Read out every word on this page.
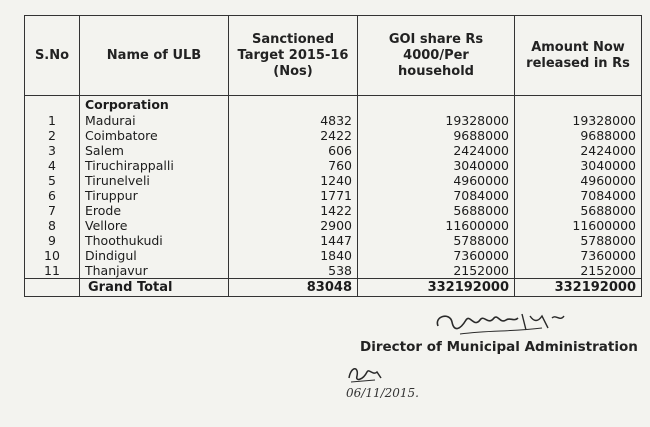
S.No	Name of ULB	Sanctioned Target 2015-16 (Nos)	GOI share Rs 4000/Per household	Amount Now released in Rs
	Corporation			
1	Madurai	4832	19328000	19328000
2	Coimbatore	2422	9688000	9688000
3	Salem	606	2424000	2424000
4	Tiruchirappalli	760	3040000	3040000
5	Tirunelveli	1240	4960000	4960000
6	Tiruppur	1771	7084000	7084000
7	Erode	1422	5688000	5688000
8	Vellore	2900	11600000	11600000
9	Thoothukudi	1447	5788000	5788000
10	Dindigul	1840	7360000	7360000
11	Thanjavur	538	2152000	2152000
	Grand Total	83048	332192000	332192000
Director of Municipal Administration
06/11/2015.
